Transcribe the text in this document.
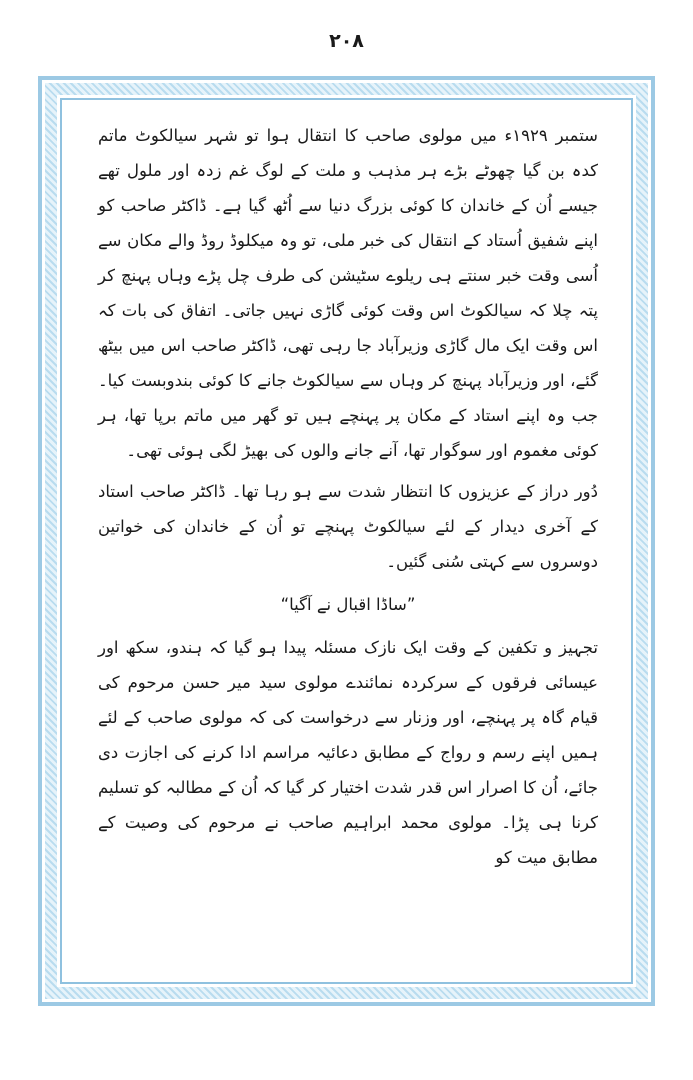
۲۰۸

ستمبر ۱۹۲۹ء میں مولوی صاحب کا انتقال ہوا تو شہر سیالکوٹ ماتم کدہ بن گیا چھوٹے بڑے ہر مذہب و ملت کے لوگ غم زدہ اور ملول تھے جیسے اُن کے خاندان کا کوئی بزرگ دنیا سے اُٹھ گیا ہے۔ ڈاکٹر صاحب کو اپنے شفیق اُستاد کے انتقال کی خبر ملی، تو وہ میکلوڈ روڈ والے مکان سے اُسی وقت خبر سنتے ہی ریلوے سٹیشن کی طرف چل پڑے وہاں پہنچ کر پتہ چلا کہ سیالکوٹ اس وقت کوئی گاڑی نہیں جاتی۔ اتفاق کی بات کہ اس وقت ایک مال گاڑی وزیرآباد جا رہی تھی، ڈاکٹر صاحب اس میں بیٹھ گئے، اور وزیرآباد پہنچ کر وہاں سے سیالکوٹ جانے کا کوئی بندوبست کیا۔ جب وہ اپنے استاد کے مکان پر پہنچے ہیں تو گھر میں ماتم برپا تھا، ہر کوئی مغموم اور سوگوار تھا، آنے جانے والوں کی بھیڑ لگی ہوئی تھی۔

دُور دراز کے عزیزوں کا انتظار شدت سے ہو رہا تھا۔ ڈاکٹر صاحب استاد کے آخری دیدار کے لئے سیالکوٹ پہنچے تو اُن کے خاندان کی خواتین دوسروں سے کہتی سُنی گئیں۔

”ساڈا اقبال نے آگیا“

تجہیز و تکفین کے وقت ایک نازک مسئلہ پیدا ہو گیا کہ ہندو، سکھ اور عیسائی فرقوں کے سرکردہ نمائندے مولوی سید میر حسن مرحوم کی قیام گاہ پر پہنچے، اور وزنار سے درخواست کی کہ مولوی صاحب کے لئے ہمیں اپنے رسم و رواج کے مطابق دعائیہ مراسم ادا کرنے کی اجازت دی جائے، اُن کا اصرار اس قدر شدت اختیار کر گیا کہ اُن کے مطالبہ کو تسلیم کرنا ہی پڑا۔ مولوی محمد ابراہیم صاحب نے مرحوم کی وصیت کے مطابق میت کو
